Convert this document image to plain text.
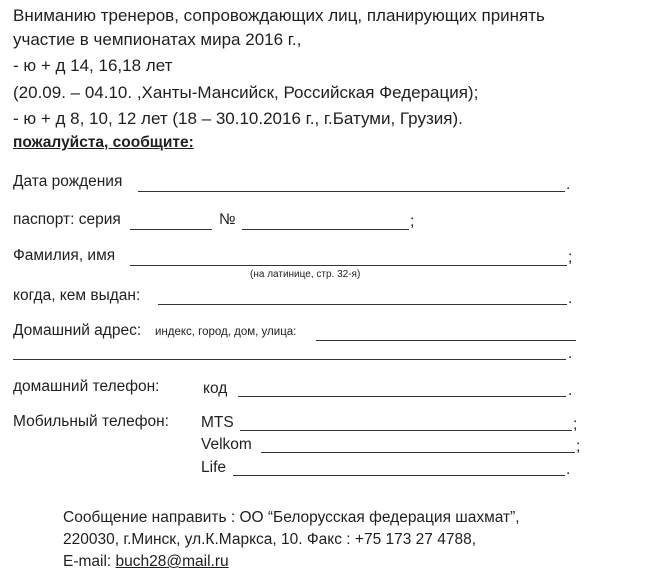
Вниманию тренеров, сопровождающих лиц, планирующих принять
участие в чемпионатах мира 2016 г.,
- ю + д 14, 16,18 лет
(20.09. – 04.10. ,Ханты-Мансийск, Российская Федерация);
- ю + д 8, 10, 12 лет (18 – 30.10.2016 г., г.Батуми, Грузия).
пожалуйста, сообщите:
Дата рождения	.
паспорт: серия	№	;
Фамилия, имя	;
(на латинице, стр. 32-я)
когда, кем выдан:	.
Домашний адрес: индекс, город, дом, улица:
.
домашний телефон:	код	.
Мобильный телефон: MTS	;
Velkom	;
Life	.
Сообщение направить : ОО “Белорусская федерация шахмат”,
220030, г.Минск, ул.К.Маркса, 10. Факс : +75 173 27 4788,
E-mail: buch28@mail.ru
